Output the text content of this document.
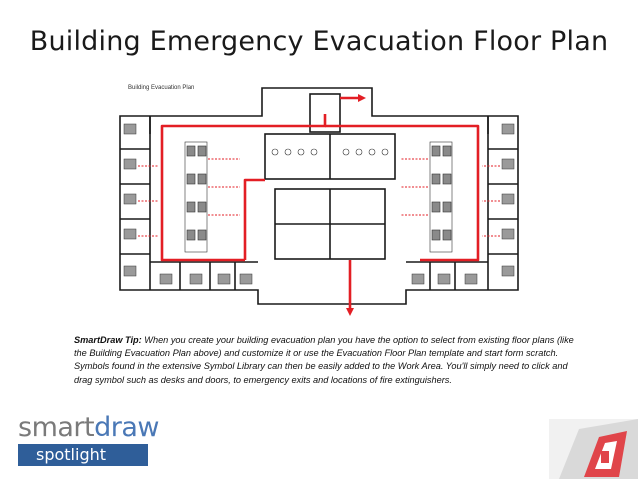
Building Emergency Evacuation Floor Plan
Building Evacuation Plan
SmartDraw Tip: When you create your building evacuation plan you have the option to select from existing floor plans (like the Building Evacuation Plan above) and customize it or use the Evacuation Floor Plan template and start form scratch. Symbols found in the extensive Symbol Library can then be easily added to the Work Area. You'll simply need to click and drag symbol such as desks and doors, to emergency exits and locations of fire extinguishers.
smartdraw
spotlight
